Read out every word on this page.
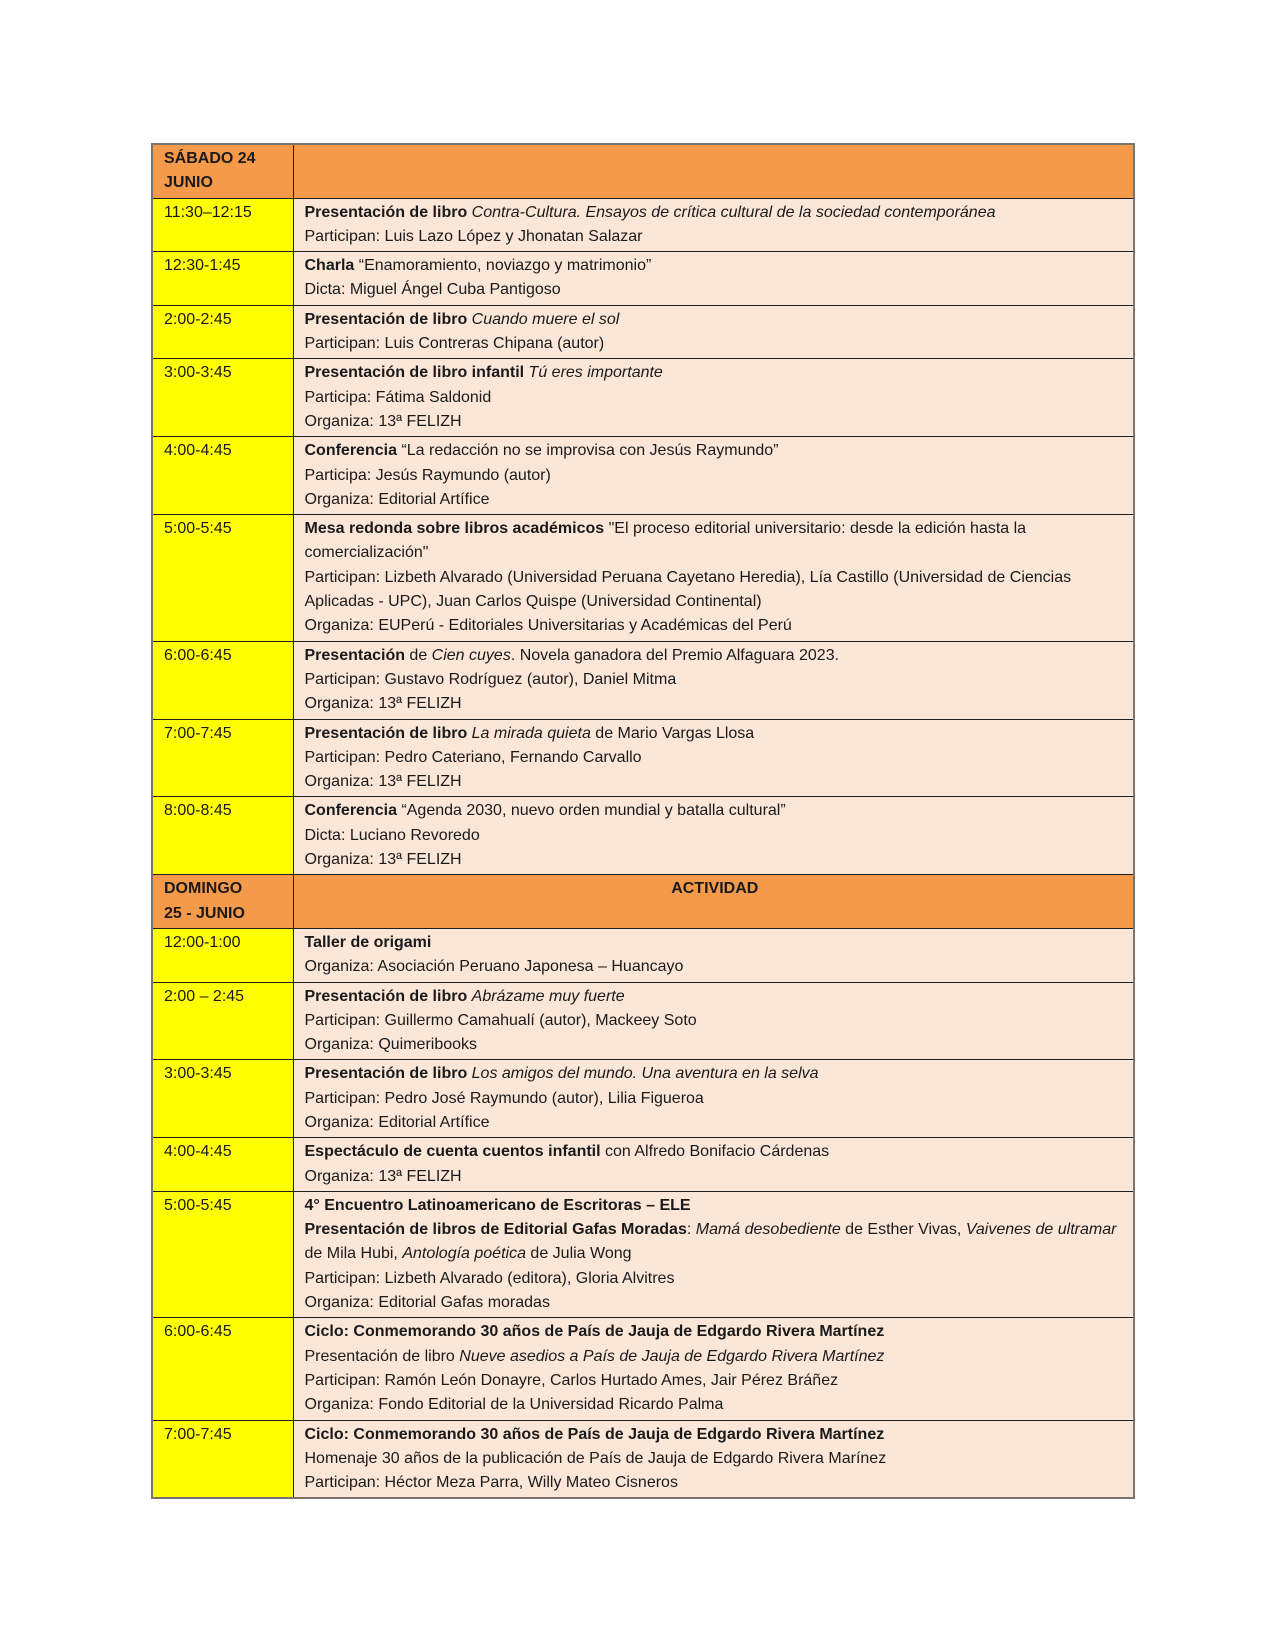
SÁBADO 24
JUNIO	

11:30–12:15	Presentación de libro Contra-Cultura. Ensayos de crítica cultural de la sociedad contemporánea
Participan: Luis Lazo López y Jhonatan Salazar

12:30-1:45	Charla “Enamoramiento, noviazgo y matrimonio”
Dicta: Miguel Ángel Cuba Pantigoso

2:00-2:45	Presentación de libro Cuando muere el sol
Participan: Luis Contreras Chipana (autor)

3:00-3:45	Presentación de libro infantil Tú eres importante
Participa: Fátima Saldonid
Organiza: 13ª FELIZH

4:00-4:45	Conferencia “La redacción no se improvisa con Jesús Raymundo”
Participa: Jesús Raymundo (autor)
Organiza: Editorial Artífice

5:00-5:45	Mesa redonda sobre libros académicos "El proceso editorial universitario: desde la edición hasta la comercialización"
Participan: Lizbeth Alvarado (Universidad Peruana Cayetano Heredia), Lía Castillo (Universidad de Ciencias Aplicadas - UPC), Juan Carlos Quispe (Universidad Continental)
Organiza: EUPerú - Editoriales Universitarias y Académicas del Perú

6:00-6:45	Presentación de Cien cuyes. Novela ganadora del Premio Alfaguara 2023.
Participan: Gustavo Rodríguez (autor), Daniel Mitma
Organiza: 13ª FELIZH

7:00-7:45	Presentación de libro La mirada quieta de Mario Vargas Llosa
Participan: Pedro Cateriano, Fernando Carvallo
Organiza: 13ª FELIZH

8:00-8:45	Conferencia “Agenda 2030, nuevo orden mundial y batalla cultural”
Dicta: Luciano Revoredo
Organiza: 13ª FELIZH

DOMINGO
25 - JUNIO	ACTIVIDAD
12:00-1:00	Taller de origami
Organiza: Asociación Peruano Japonesa – Huancayo

2:00 – 2:45	Presentación de libro Abrázame muy fuerte
Participan: Guillermo Camahualí (autor), Mackeey Soto
Organiza: Quimeribooks

3:00-3:45	Presentación de libro Los amigos del mundo. Una aventura en la selva
Participan: Pedro José Raymundo (autor), Lilia Figueroa
Organiza: Editorial Artífice

4:00-4:45	Espectáculo de cuenta cuentos infantil con Alfredo Bonifacio Cárdenas
Organiza: 13ª FELIZH

5:00-5:45	4° Encuentro Latinoamericano de Escritoras – ELE
Presentación de libros de Editorial Gafas Moradas: Mamá desobediente de Esther Vivas, Vaivenes de ultramar de Mila Hubi, Antología poética de Julia Wong
Participan: Lizbeth Alvarado (editora), Gloria Alvitres
Organiza: Editorial Gafas moradas

6:00-6:45	Ciclo: Conmemorando 30 años de País de Jauja de Edgardo Rivera Martínez
Presentación de libro Nueve asedios a País de Jauja de Edgardo Rivera Martínez
Participan: Ramón León Donayre, Carlos Hurtado Ames, Jair Pérez Bráñez
Organiza: Fondo Editorial de la Universidad Ricardo Palma

7:00-7:45	Ciclo: Conmemorando 30 años de País de Jauja de Edgardo Rivera Martínez
Homenaje 30 años de la publicación de País de Jauja de Edgardo Rivera Marínez
Participan: Héctor Meza Parra, Willy Mateo Cisneros
